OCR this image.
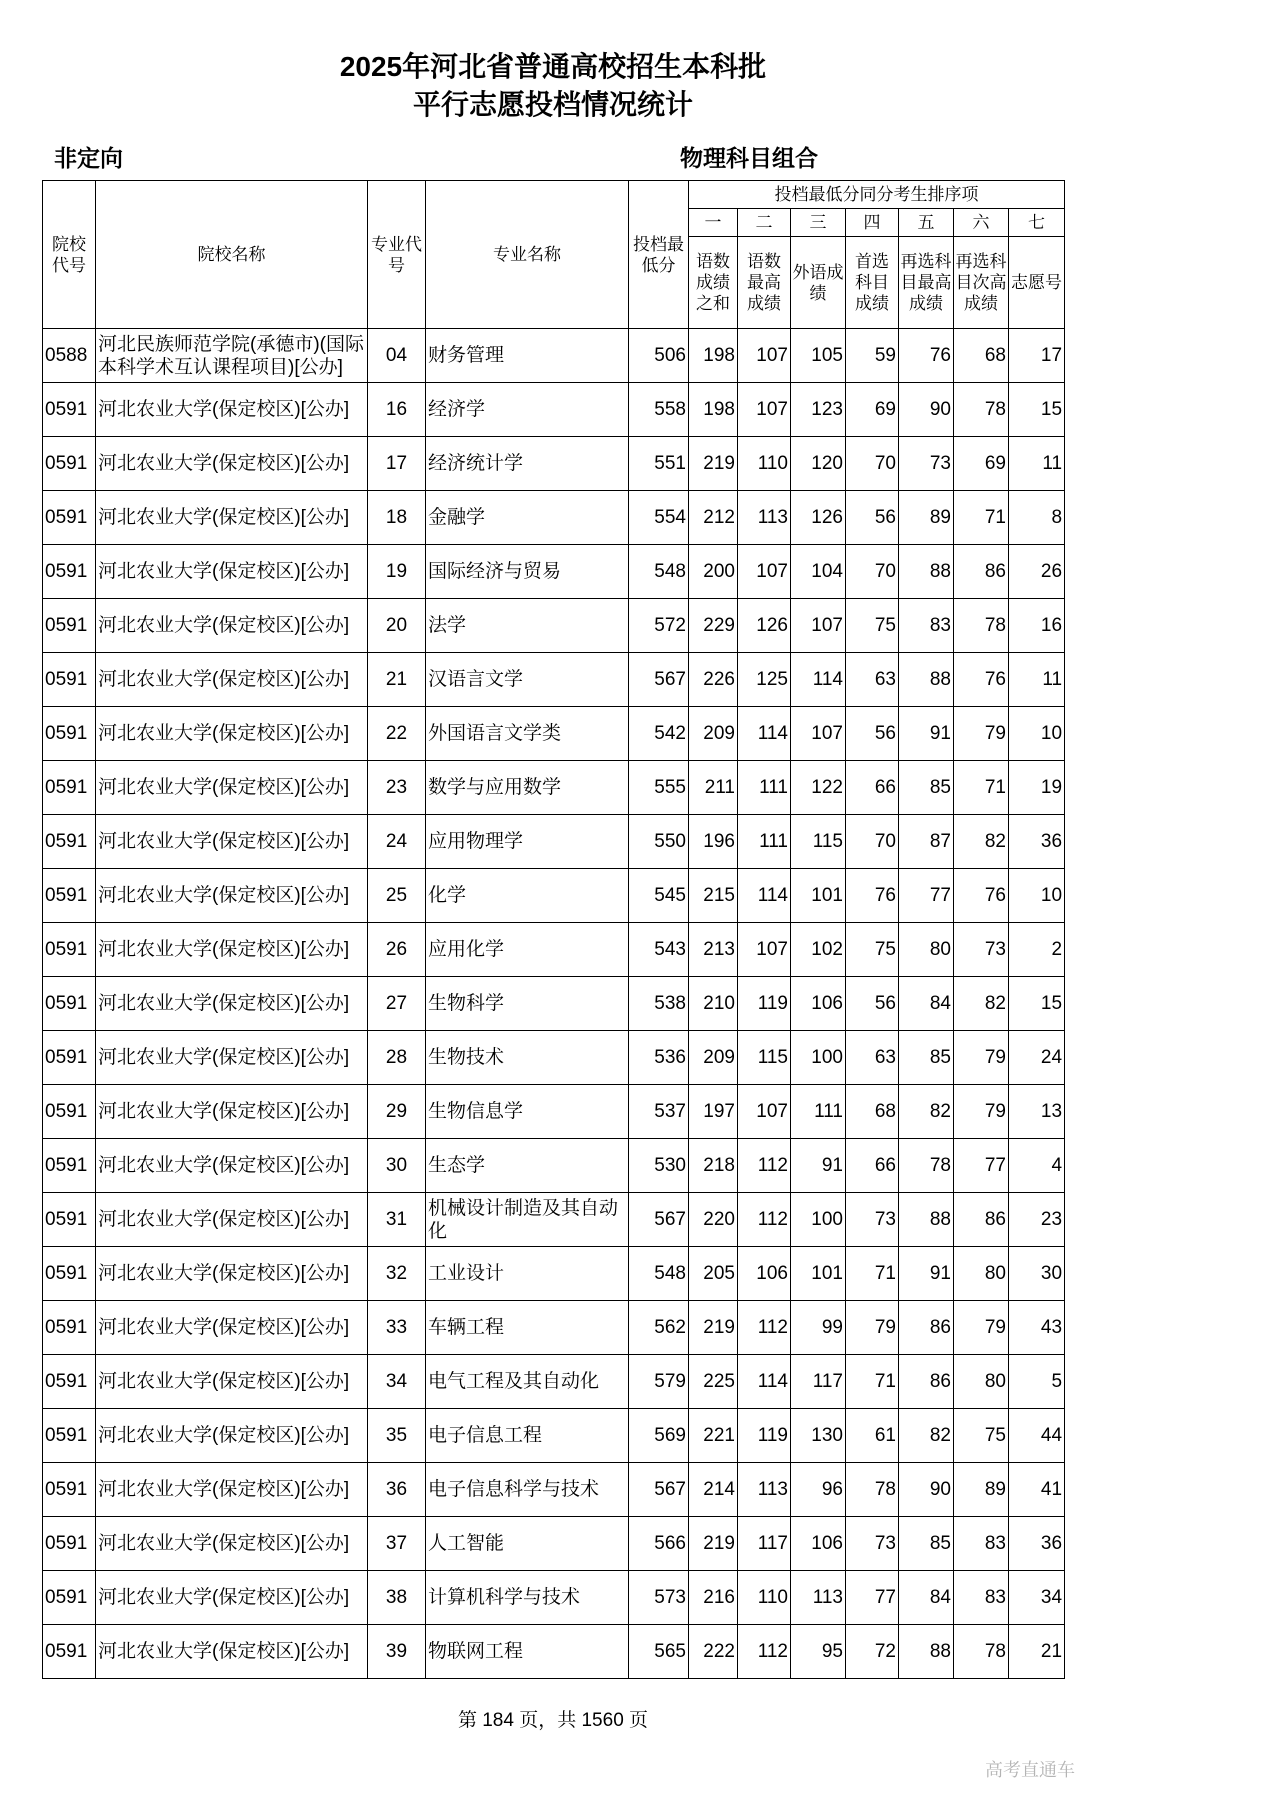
2025年河北省普通高校招生本科批
平行志愿投档情况统计
非定向	物理科目组合
院校代号	院校名称	专业代号	专业名称	投档最低分	投档最低分同分考生排序项						
					一	二	三	四	五	六	七
					语数成绩之和	语数最高成绩	外语成绩	首选科目成绩	再选科目最高成绩	再选科目次高成绩	志愿号
0588	河北民族师范学院(承德市)(国际本科学术互认课程项目)[公办]	04	财务管理	506	198	107	105	59	76	68	17
0591	河北农业大学(保定校区)[公办]	16	经济学	558	198	107	123	69	90	78	15
0591	河北农业大学(保定校区)[公办]	17	经济统计学	551	219	110	120	70	73	69	11
0591	河北农业大学(保定校区)[公办]	18	金融学	554	212	113	126	56	89	71	8
0591	河北农业大学(保定校区)[公办]	19	国际经济与贸易	548	200	107	104	70	88	86	26
0591	河北农业大学(保定校区)[公办]	20	法学	572	229	126	107	75	83	78	16
0591	河北农业大学(保定校区)[公办]	21	汉语言文学	567	226	125	114	63	88	76	11
0591	河北农业大学(保定校区)[公办]	22	外国语言文学类	542	209	114	107	56	91	79	10
0591	河北农业大学(保定校区)[公办]	23	数学与应用数学	555	211	111	122	66	85	71	19
0591	河北农业大学(保定校区)[公办]	24	应用物理学	550	196	111	115	70	87	82	36
0591	河北农业大学(保定校区)[公办]	25	化学	545	215	114	101	76	77	76	10
0591	河北农业大学(保定校区)[公办]	26	应用化学	543	213	107	102	75	80	73	2
0591	河北农业大学(保定校区)[公办]	27	生物科学	538	210	119	106	56	84	82	15
0591	河北农业大学(保定校区)[公办]	28	生物技术	536	209	115	100	63	85	79	24
0591	河北农业大学(保定校区)[公办]	29	生物信息学	537	197	107	111	68	82	79	13
0591	河北农业大学(保定校区)[公办]	30	生态学	530	218	112	91	66	78	77	4
0591	河北农业大学(保定校区)[公办]	31	机械设计制造及其自动化	567	220	112	100	73	88	86	23
0591	河北农业大学(保定校区)[公办]	32	工业设计	548	205	106	101	71	91	80	30
0591	河北农业大学(保定校区)[公办]	33	车辆工程	562	219	112	99	79	86	79	43
0591	河北农业大学(保定校区)[公办]	34	电气工程及其自动化	579	225	114	117	71	86	80	5
0591	河北农业大学(保定校区)[公办]	35	电子信息工程	569	221	119	130	61	82	75	44
0591	河北农业大学(保定校区)[公办]	36	电子信息科学与技术	567	214	113	96	78	90	89	41
0591	河北农业大学(保定校区)[公办]	37	人工智能	566	219	117	106	73	85	83	36
0591	河北农业大学(保定校区)[公办]	38	计算机科学与技术	573	216	110	113	77	84	83	34
0591	河北农业大学(保定校区)[公办]	39	物联网工程	565	222	112	95	72	88	78	21
第 184 页，共 1560 页
高考直通车
